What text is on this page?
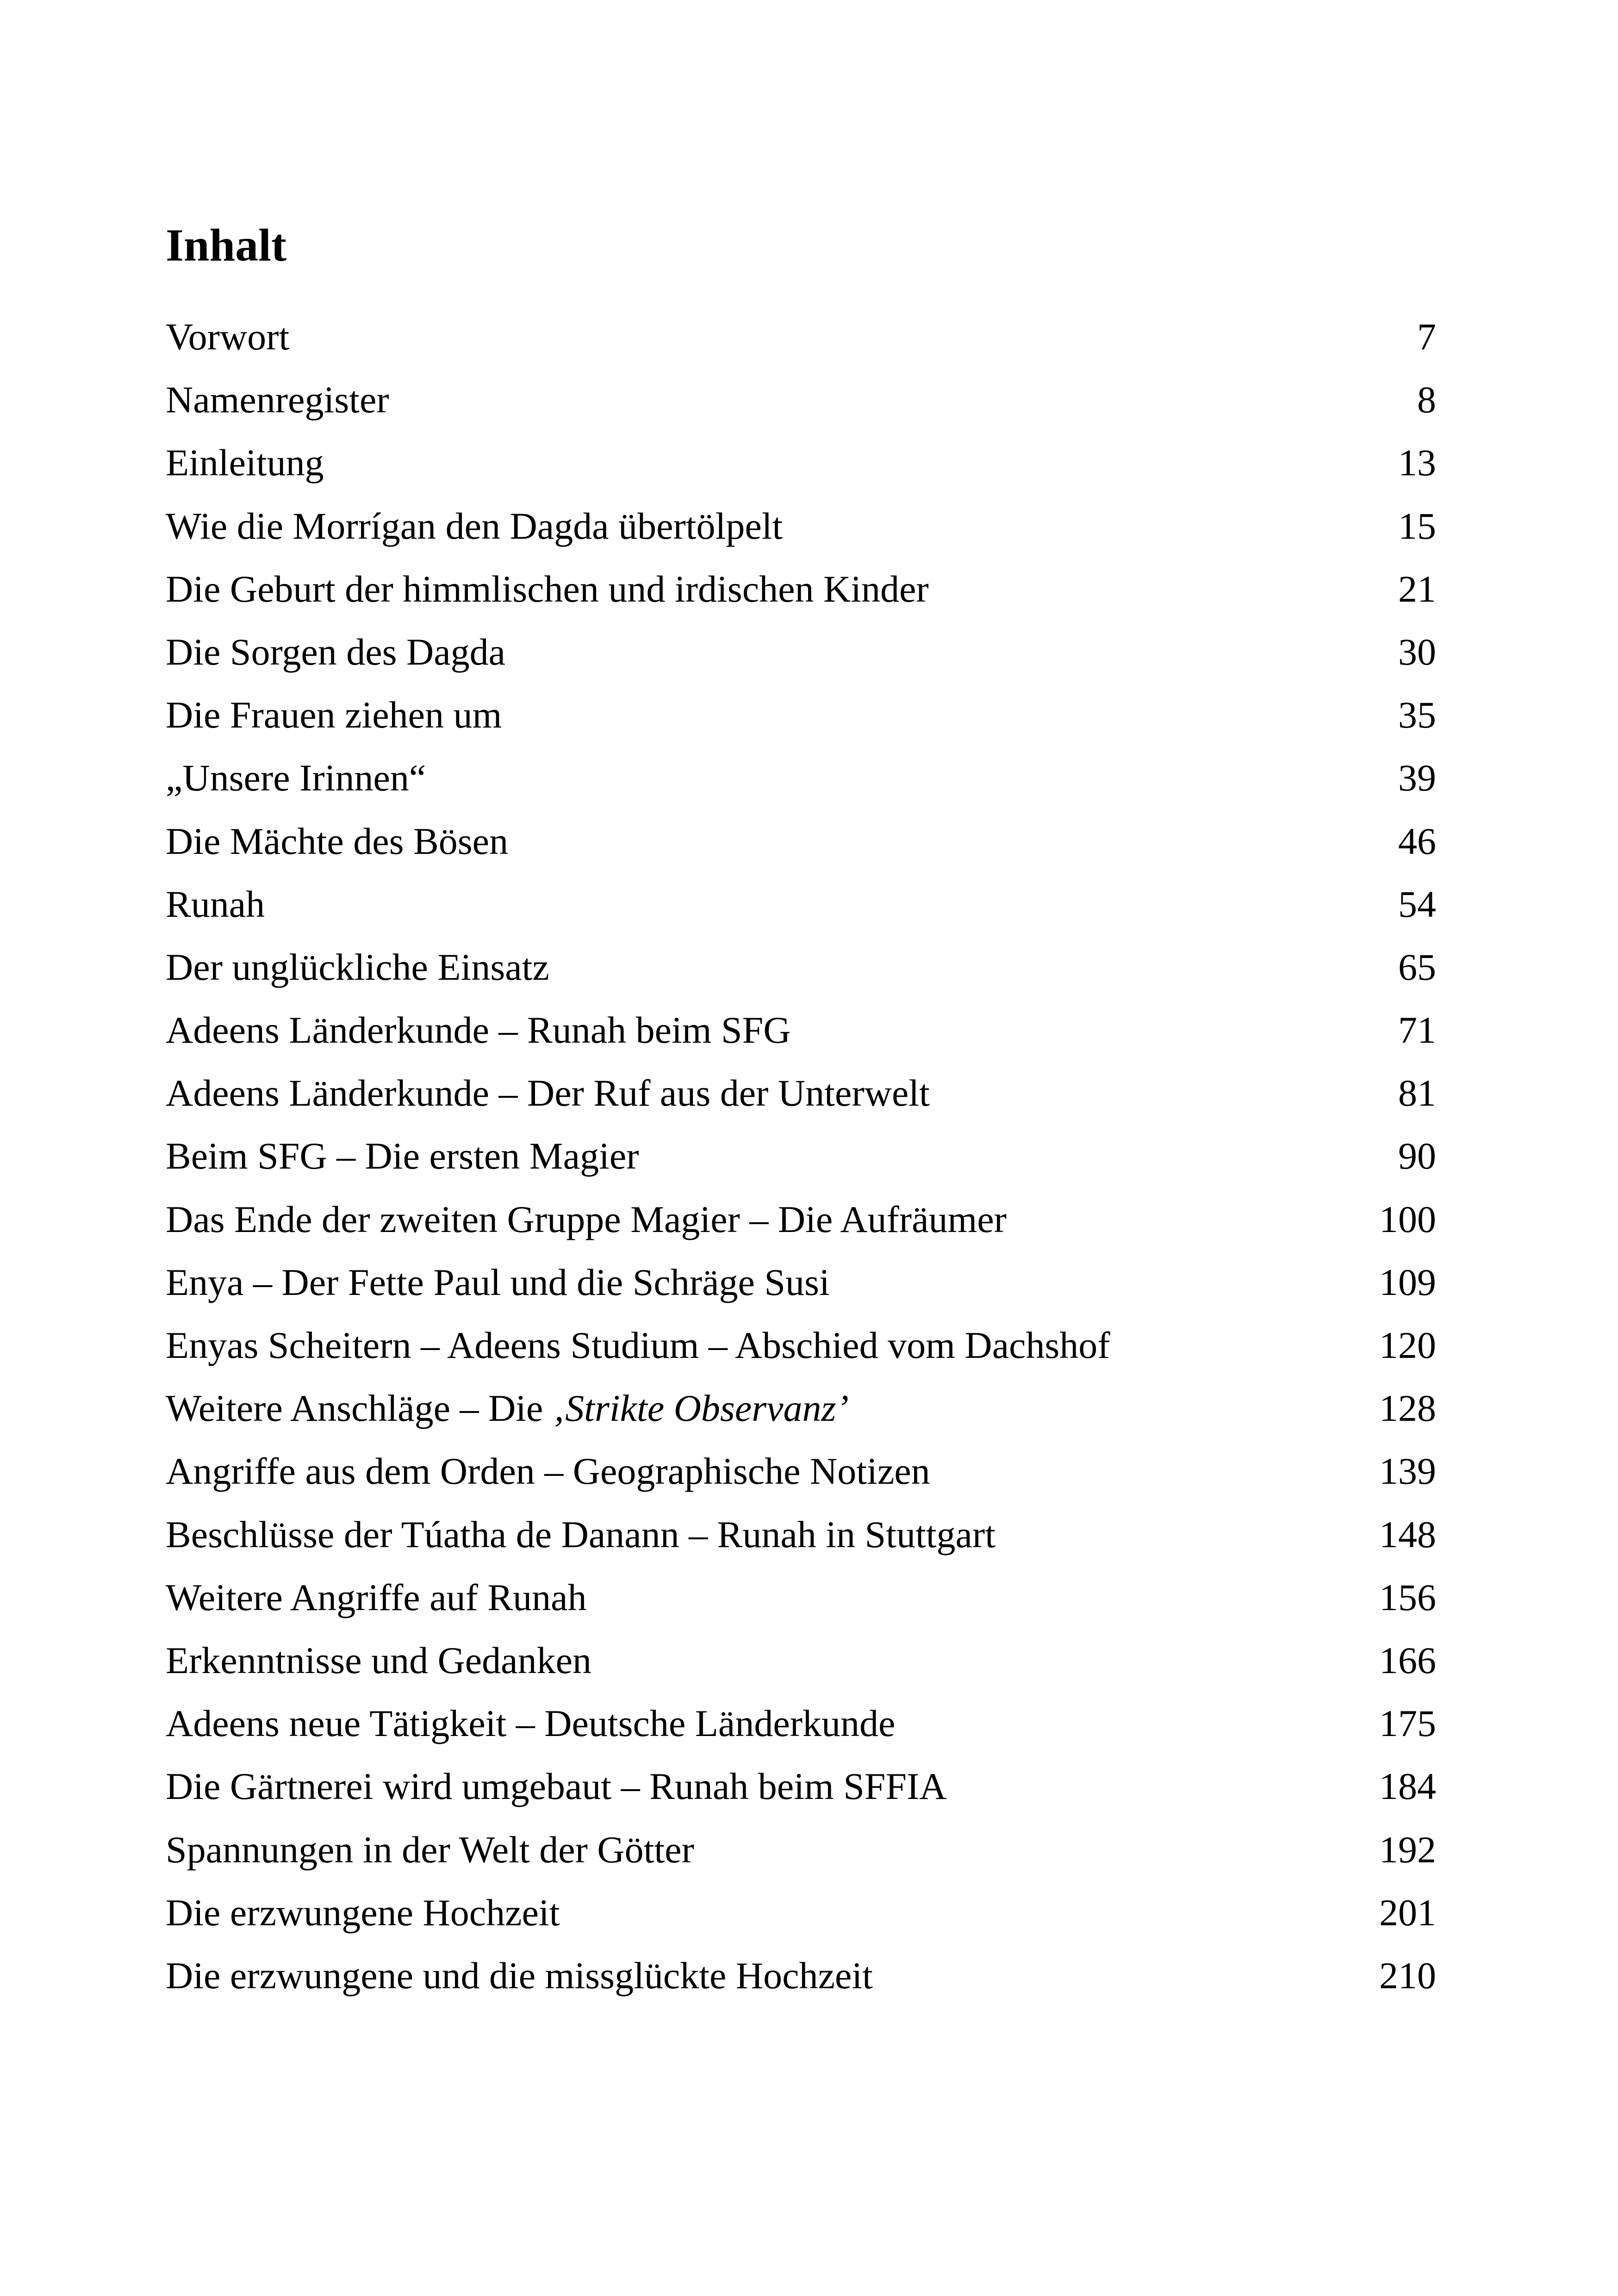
Inhalt
Vorwort	7
Namenregister	8
Einleitung	13
Wie die Morrígan den Dagda übertölpelt	15
Die Geburt der himmlischen und irdischen Kinder	21
Die Sorgen des Dagda	30
Die Frauen ziehen um	35
„Unsere Irinnen“	39
Die Mächte des Bösen	46
Runah	54
Der unglückliche Einsatz	65
Adeens Länderkunde – Runah beim SFG	71
Adeens Länderkunde – Der Ruf aus der Unterwelt	81
Beim SFG – Die ersten Magier	90
Das Ende der zweiten Gruppe Magier – Die Aufräumer	100
Enya – Der Fette Paul und die Schräge Susi	109
Enyas Scheitern – Adeens Studium – Abschied vom Dachshof	120
Weitere Anschläge – Die ‚Strikte Observanz’	128
Angriffe aus dem Orden – Geographische Notizen	139
Beschlüsse der Túatha de Danann – Runah in Stuttgart	148
Weitere Angriffe auf Runah	156
Erkenntnisse und Gedanken	166
Adeens neue Tätigkeit – Deutsche Länderkunde	175
Die Gärtnerei wird umgebaut – Runah beim SFFIA	184
Spannungen in der Welt der Götter	192
Die erzwungene Hochzeit	201
Die erzwungene und die missglückte Hochzeit	210
